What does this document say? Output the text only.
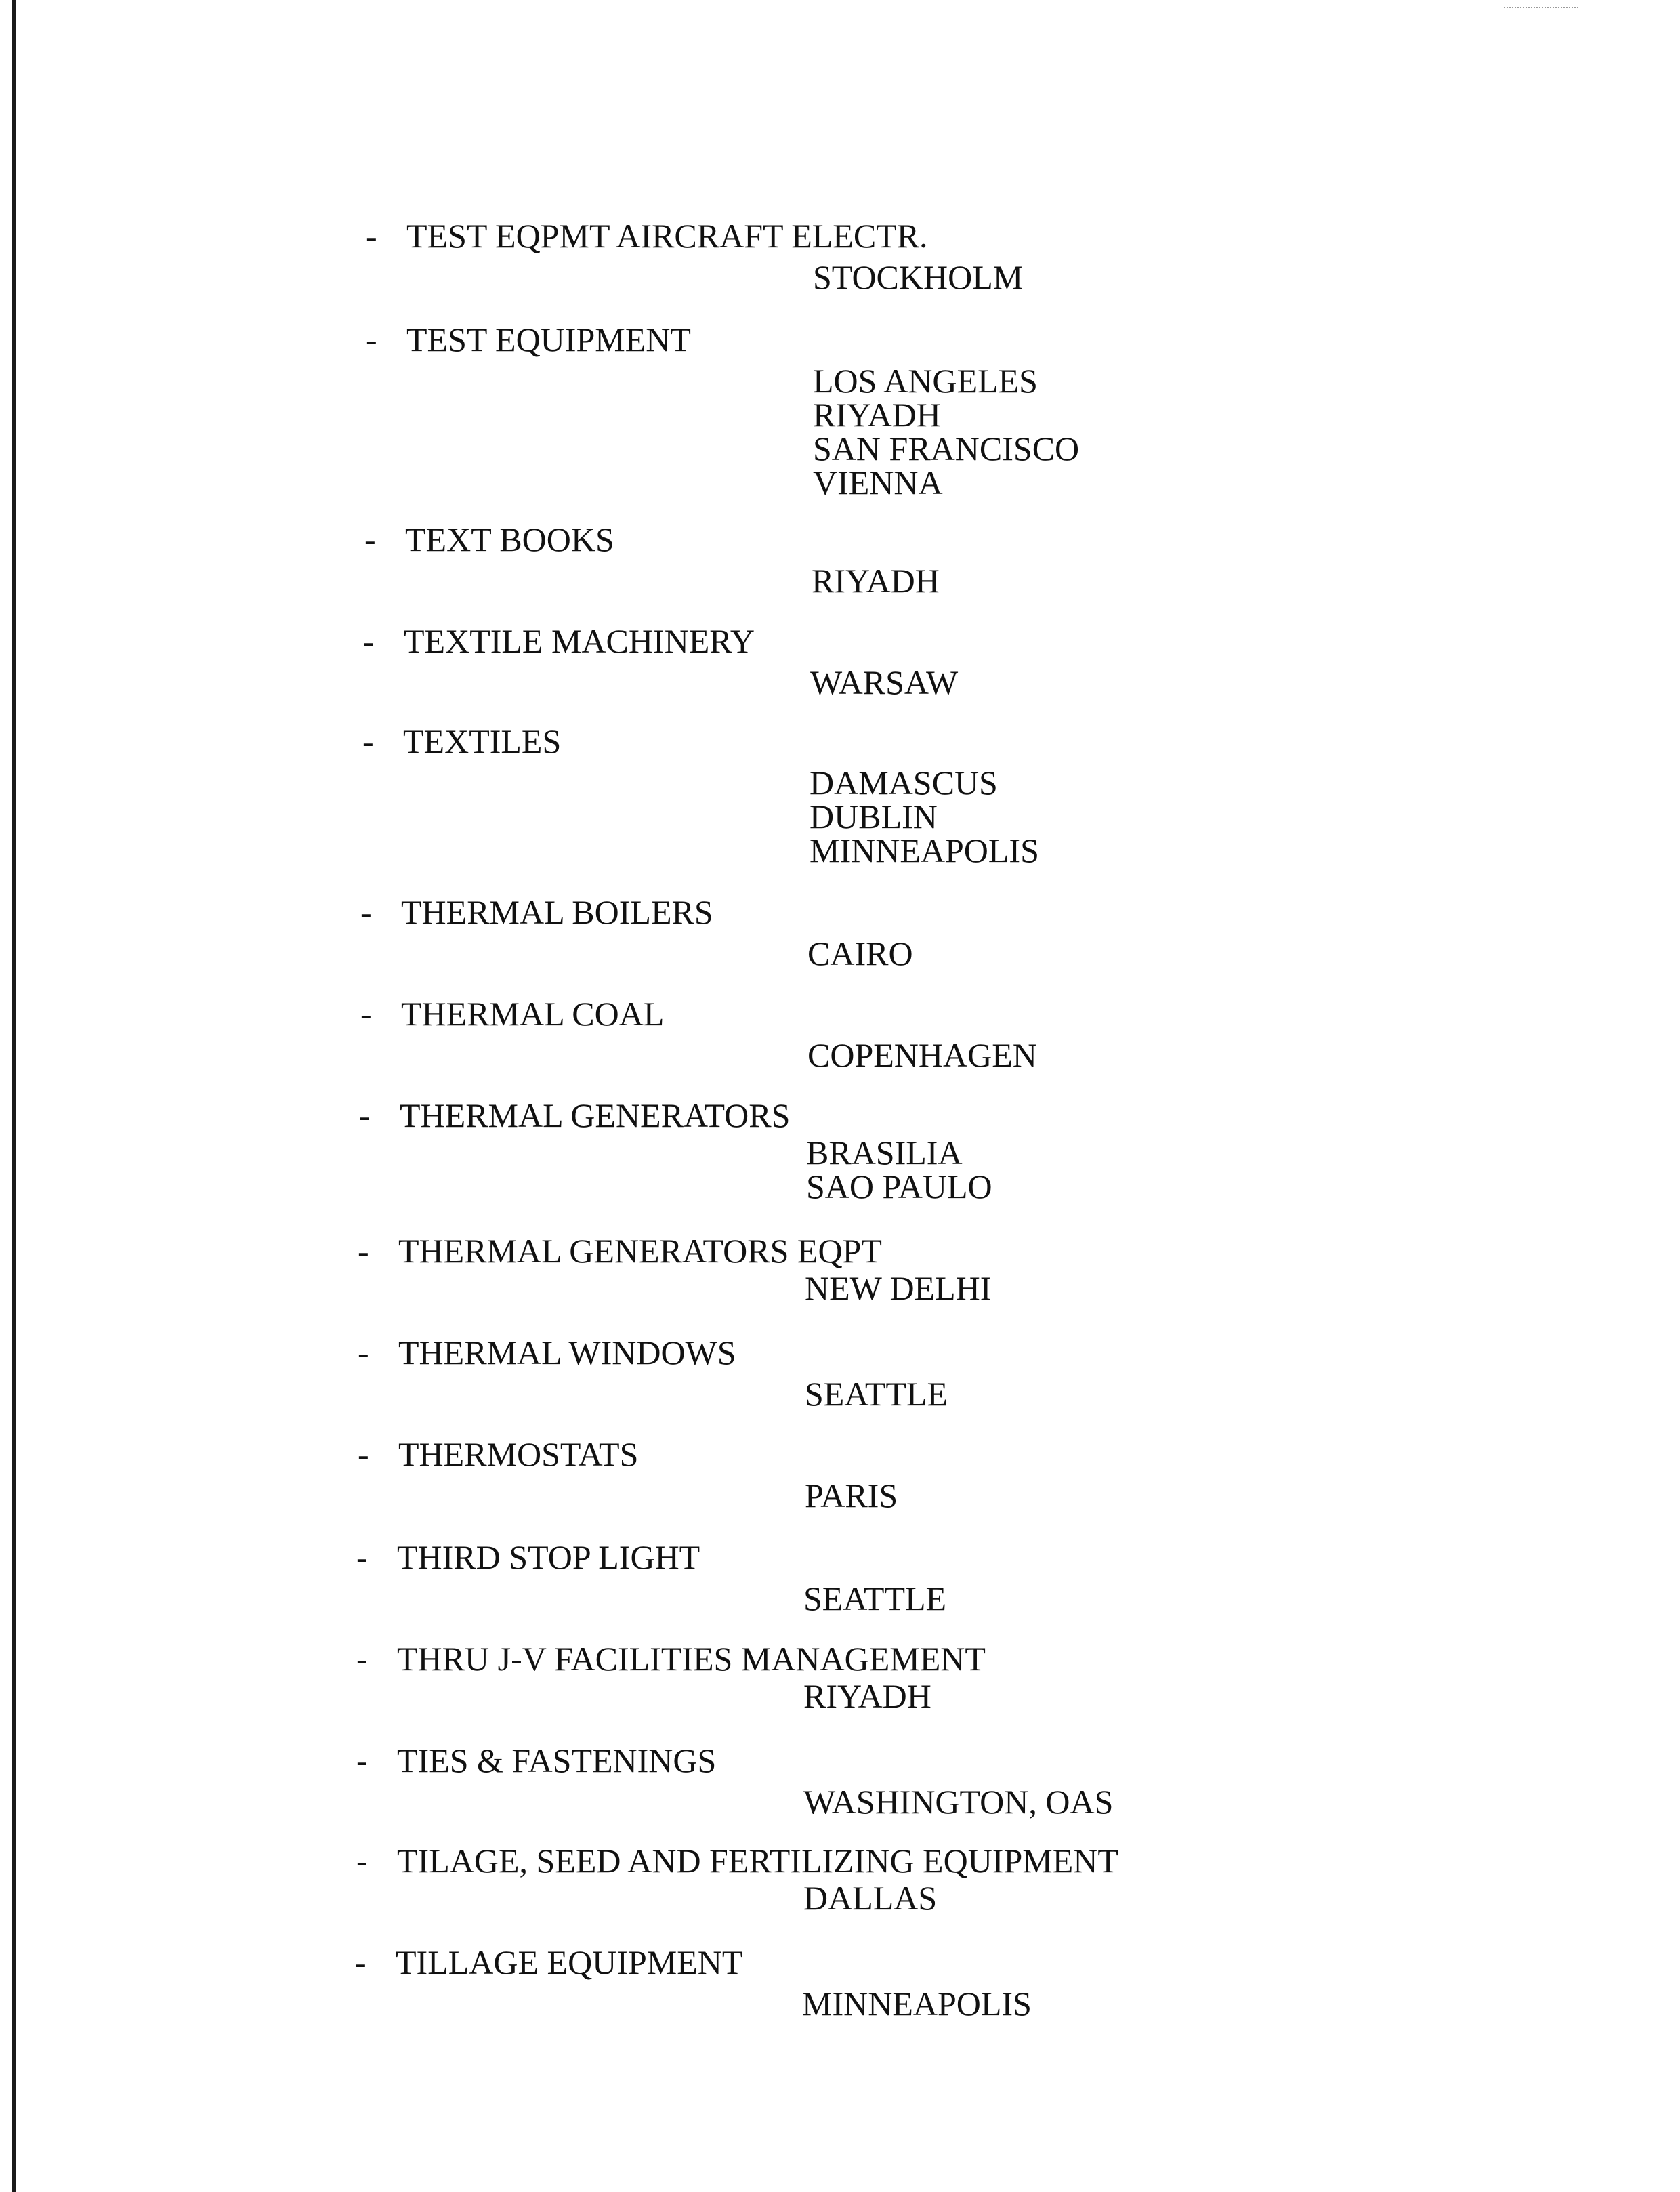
- TEST EQPMT AIRCRAFT ELECTR.
STOCKHOLM
- TEST EQUIPMENT
LOS ANGELES
RIYADH
SAN FRANCISCO
VIENNA
- TEXT BOOKS
RIYADH
- TEXTILE MACHINERY
WARSAW
- TEXTILES
DAMASCUS
DUBLIN
MINNEAPOLIS
- THERMAL BOILERS
CAIRO
- THERMAL COAL
COPENHAGEN
- THERMAL GENERATORS
BRASILIA
SAO PAULO
- THERMAL GENERATORS EQPT
NEW DELHI
- THERMAL WINDOWS
SEATTLE
- THERMOSTATS
PARIS
- THIRD STOP LIGHT
SEATTLE
- THRU J-V FACILITIES MANAGEMENT
RIYADH
- TIES & FASTENINGS
WASHINGTON, OAS
- TILAGE, SEED AND FERTILIZING EQUIPMENT
DALLAS
- TILLAGE EQUIPMENT
MINNEAPOLIS
